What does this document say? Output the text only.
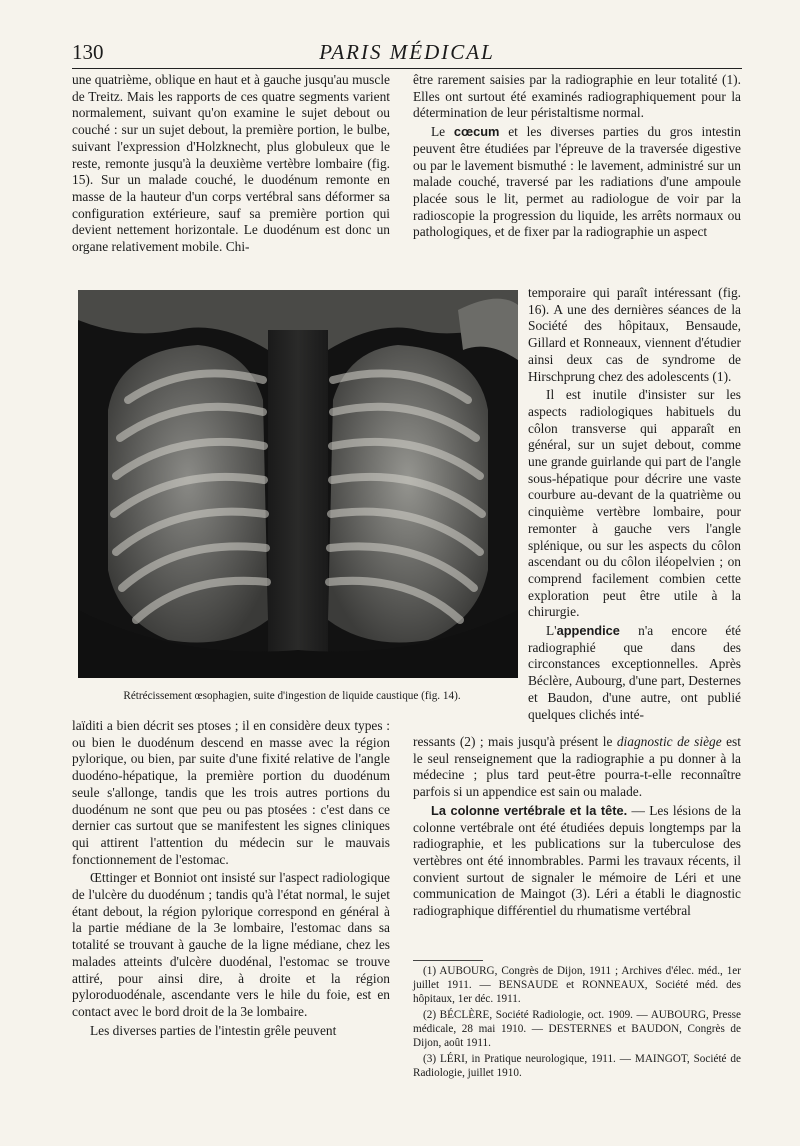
130	PARIS MÉDICAL

une quatrième, oblique en haut et à gauche jusqu'au muscle de Treitz. Mais les rapports de ces quatre segments varient normalement, suivant qu'on examine le sujet debout ou couché : sur un sujet debout, la première portion, le bulbe, suivant l'expression d'Holzknecht, plus globuleux que le reste, remonte jusqu'à la deuxième vertèbre lombaire (fig. 15). Sur un malade couché, le duodénum remonte en masse de la hauteur d'un corps vertébral sans déformer sa configuration extérieure, sauf sa première portion qui devient nettement horizontale. Le duodénum est donc un organe relativement mobile. Chi-

être rarement saisies par la radiographie en leur totalité (1). Elles ont surtout été examinés radiographiquement pour la détermination de leur péristaltisme normal.

Le cœcum et les diverses parties du gros intestin peuvent être étudiées par l'épreuve de la traversée digestive ou par le lavement bismuthé : le lavement, administré sur un malade couché, traversé par les radiations d'une ampoule placée sous le lit, permet au radiologue de voir par la radioscopie la progression du liquide, les arrêts normaux ou pathologiques, et de fixer par la radiographie un aspect

Rétrécissement œsophagien, suite d'ingestion de liquide caustique (fig. 14).

temporaire qui paraît intéressant (fig. 16). A une des dernières séances de la Société des hôpitaux, Bensaude, Gillard et Ronneaux, viennent d'étudier ainsi deux cas de syndrome de Hirschprung chez des adolescents (1).

Il est inutile d'insister sur les aspects radiologiques habituels du côlon transverse qui apparaît en général, sur un sujet debout, comme une grande guirlande qui part de l'angle sous-hépatique pour décrire une vaste courbure au-devant de la quatrième ou cinquième vertèbre lombaire, pour remonter à gauche vers l'angle splénique, ou sur les aspects du côlon ascendant ou du côlon iléopelvien ; on comprend facilement combien cette exploration peut être utile à la chirurgie.

L'appendice n'a encore été radiographié que dans des circonstances exceptionnelles. Après Béclère, Aubourg, d'une part, Desternes et Baudon, d'une autre, ont publié quelques clichés inté-

laïditi a bien décrit ses ptoses ; il en considère deux types : ou bien le duodénum descend en masse avec la région pylorique, ou bien, par suite d'une fixité relative de l'angle duodéno-hépatique, la première portion du duodénum seule s'allonge, tandis que les trois autres portions du duodénum ne sont que peu ou pas ptosées : c'est dans ce dernier cas surtout que se manifestent les signes cliniques qui attirent l'attention du médecin sur le mauvais fonctionnement de l'estomac.

Œttinger et Bonniot ont insisté sur l'aspect radiologique de l'ulcère du duodénum ; tandis qu'à l'état normal, le sujet étant debout, la région pylorique correspond en général à la partie médiane de la 3e lombaire, l'estomac dans sa totalité se trouvant à gauche de la ligne médiane, chez les malades atteints d'ulcère duodénal, l'estomac se trouve attiré, pour ainsi dire, à droite et la région pyloroduodénale, ascendante vers le hile du foie, est en contact avec le bord droit de la 3e lombaire.

Les diverses parties de l'intestin grêle peuvent

ressants (2) ; mais jusqu'à présent le diagnostic de siège est le seul renseignement que la radiographie a pu donner à la médecine ; plus tard peut-être pourra-t-elle reconnaître parfois si un appendice est sain ou malade.

La colonne vertébrale et la tête. — Les lésions de la colonne vertébrale ont été étudiées depuis longtemps par la radiographie, et les publications sur la tuberculose des vertèbres ont été innombrables. Parmi les travaux récents, il convient surtout de signaler le mémoire de Léri et une communication de Maingot (3). Léri a établi le diagnostic radiographique différentiel du rhumatisme vertébral

(1) AUBOURG, Congrès de Dijon, 1911 ; Archives d'élec. méd., 1er juillet 1911. — BENSAUDE et RONNEAUX, Société méd. des hôpitaux, 1er déc. 1911.

(2) BÉCLÈRE, Société Radiologie, oct. 1909. — AUBOURG, Presse médicale, 28 mai 1910. — DESTERNES et BAUDON, Congrès de Dijon, août 1911.

(3) LÉRI, in Pratique neurologique, 1911. — MAINGOT, Société de Radiologie, juillet 1910.
